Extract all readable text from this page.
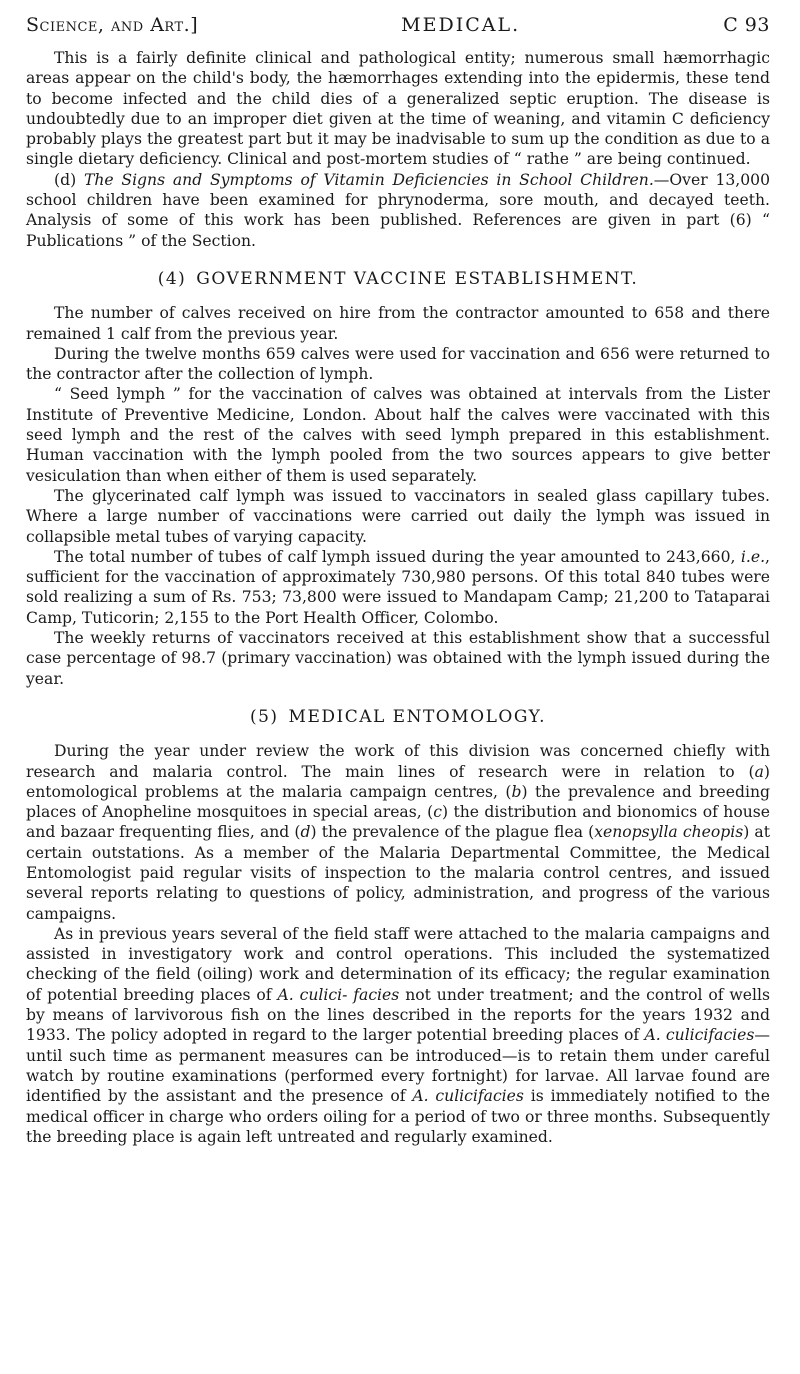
Science, and Art.]	MEDICAL.	C 93

This is a fairly definite clinical and pathological entity; numerous small hæmorrhagic areas appear on the child's body, the hæmorrhages extending into the epidermis, these tend to become infected and the child dies of a generalized septic eruption. The disease is undoubtedly due to an improper diet given at the time of weaning, and vitamin C deficiency probably plays the greatest part but it may be inadvisable to sum up the condition as due to a single dietary deficiency. Clinical and post-mortem studies of “ rathe ” are being continued.

(d) The Signs and Symptoms of Vitamin Deficiencies in School Children.—Over 13,000 school children have been examined for phrynoderma, sore mouth, and decayed teeth. Analysis of some of this work has been published. References are given in part (6) “ Publications ” of the Section.

(4) GOVERNMENT VACCINE ESTABLISHMENT.

The number of calves received on hire from the contractor amounted to 658 and there remained 1 calf from the previous year.

During the twelve months 659 calves were used for vaccination and 656 were returned to the contractor after the collection of lymph.

“ Seed lymph ” for the vaccination of calves was obtained at intervals from the Lister Institute of Preventive Medicine, London. About half the calves were vaccinated with this seed lymph and the rest of the calves with seed lymph prepared in this establishment. Human vaccination with the lymph pooled from the two sources appears to give better vesiculation than when either of them is used separately.

The glycerinated calf lymph was issued to vaccinators in sealed glass capillary tubes. Where a large number of vaccinations were carried out daily the lymph was issued in collapsible metal tubes of varying capacity.

The total number of tubes of calf lymph issued during the year amounted to 243,660, i.e., sufficient for the vaccination of approximately 730,980 persons. Of this total 840 tubes were sold realizing a sum of Rs. 753; 73,800 were issued to Mandapam Camp; 21,200 to Tataparai Camp, Tuticorin; 2,155 to the Port Health Officer, Colombo.

The weekly returns of vaccinators received at this establishment show that a successful case percentage of 98.7 (primary vaccination) was obtained with the lymph issued during the year.

(5) MEDICAL ENTOMOLOGY.

During the year under review the work of this division was concerned chiefly with research and malaria control. The main lines of research were in relation to (a) entomological problems at the malaria campaign centres, (b) the prevalence and breeding places of Anopheline mosquitoes in special areas, (c) the distribution and bionomics of house and bazaar frequenting flies, and (d) the prevalence of the plague flea (xenopsylla cheopis) at certain outstations. As a member of the Malaria Departmental Committee, the Medical Entomologist paid regular visits of inspection to the malaria control centres, and issued several reports relating to questions of policy, administration, and progress of the various campaigns.

As in previous years several of the field staff were attached to the malaria campaigns and assisted in investigatory work and control operations. This included the systematized checking of the field (oiling) work and determination of its efficacy; the regular examination of potential breeding places of A. culici- facies not under treatment; and the control of wells by means of larvivorous fish on the lines described in the reports for the years 1932 and 1933. The policy adopted in regard to the larger potential breeding places of A. culicifacies—until such time as permanent measures can be introduced—is to retain them under careful watch by routine examinations (performed every fortnight) for larvae. All larvae found are identified by the assistant and the presence of A. culicifacies is immediately notified to the medical officer in charge who orders oiling for a period of two or three months. Subsequently the breeding place is again left untreated and regularly examined.
